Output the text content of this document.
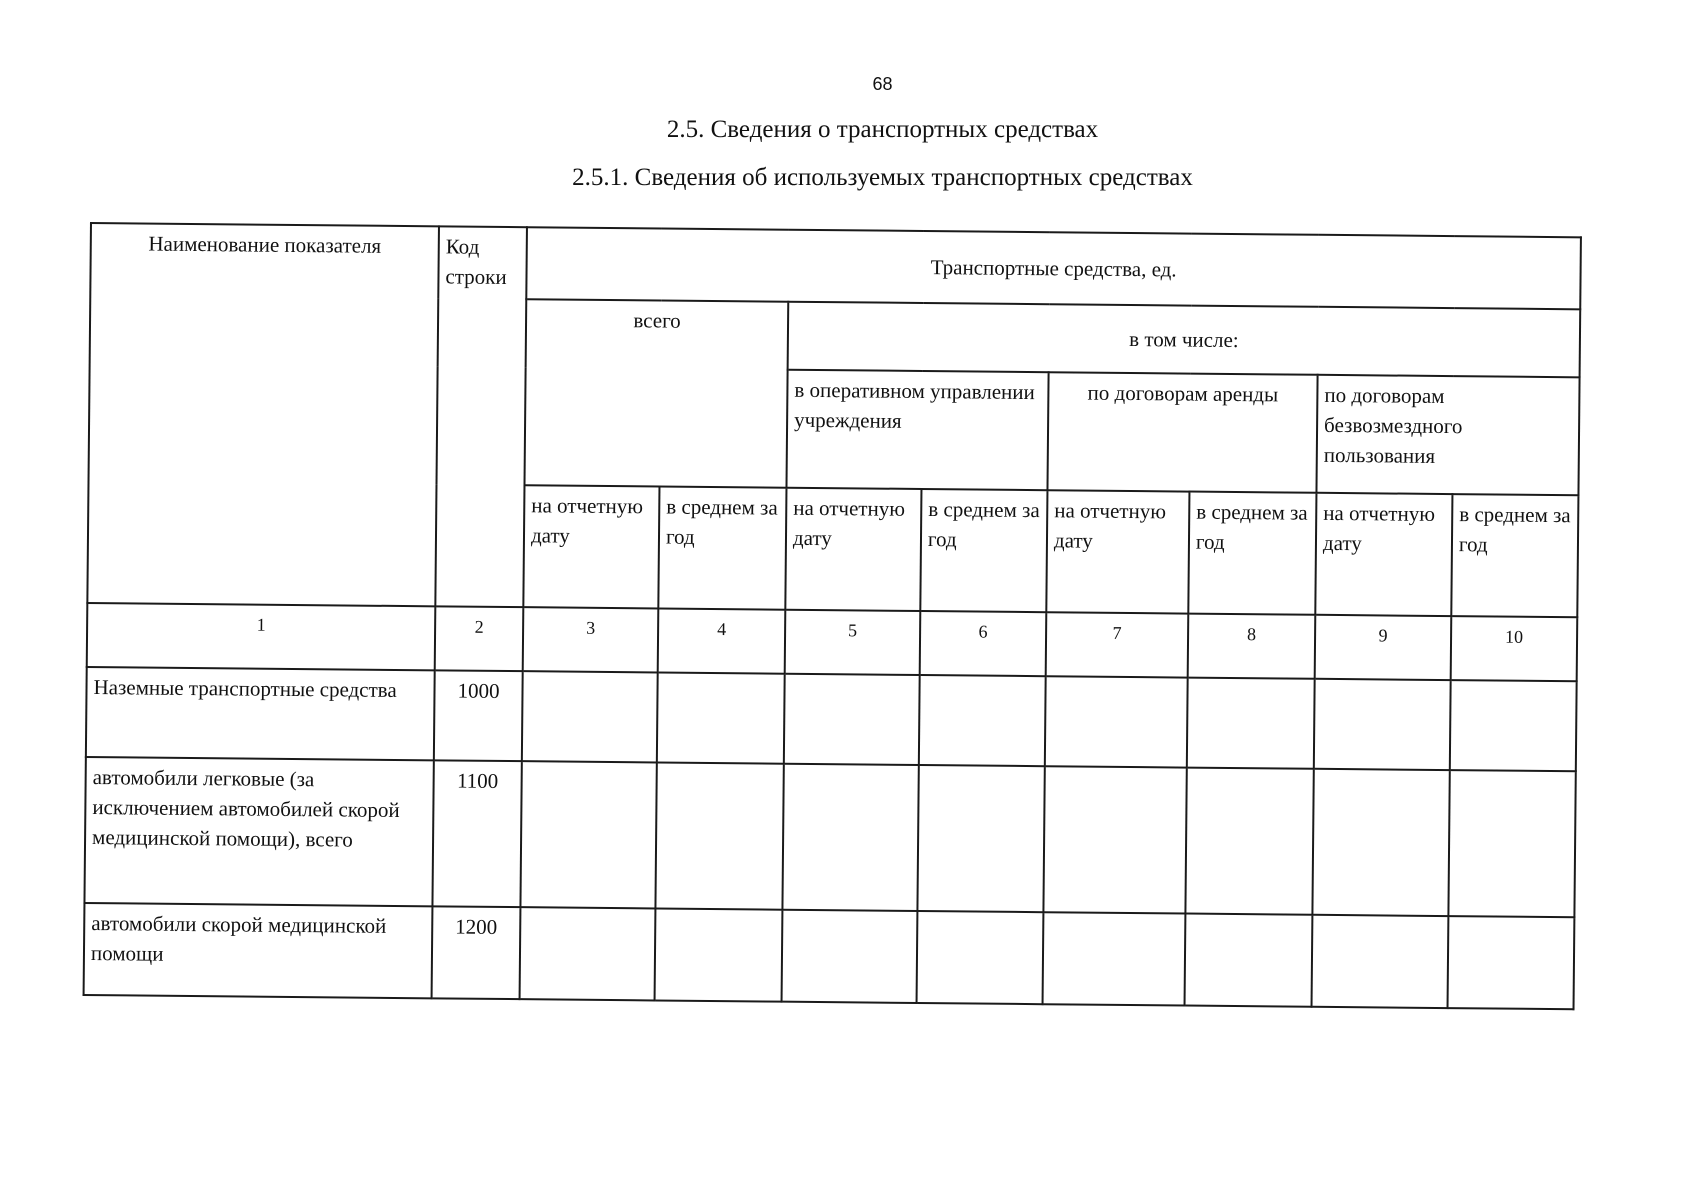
68
2.5. Сведения о транспортных средствах
2.5.1. Сведения об используемых транспортных средствах
Наименование показателя	Код строки	Транспортные средства, ед.							
		всего		в том числе:					
				в оперативном управлении учреждения		по договорам аренды		по договорам безвозмездного пользования	
		на отчетную дату	в среднем за год	на отчетную дату	в среднем за год	на отчетную дату	в среднем за год	на отчетную дату	в среднем за год
1	2	3	4	5	6	7	8	9	10
Наземные транспортные средства	1000								
автомобили легковые (за исключением автомобилей скорой медицинской помощи), всего	1100								
автомобили скорой медицинской помощи	1200								
